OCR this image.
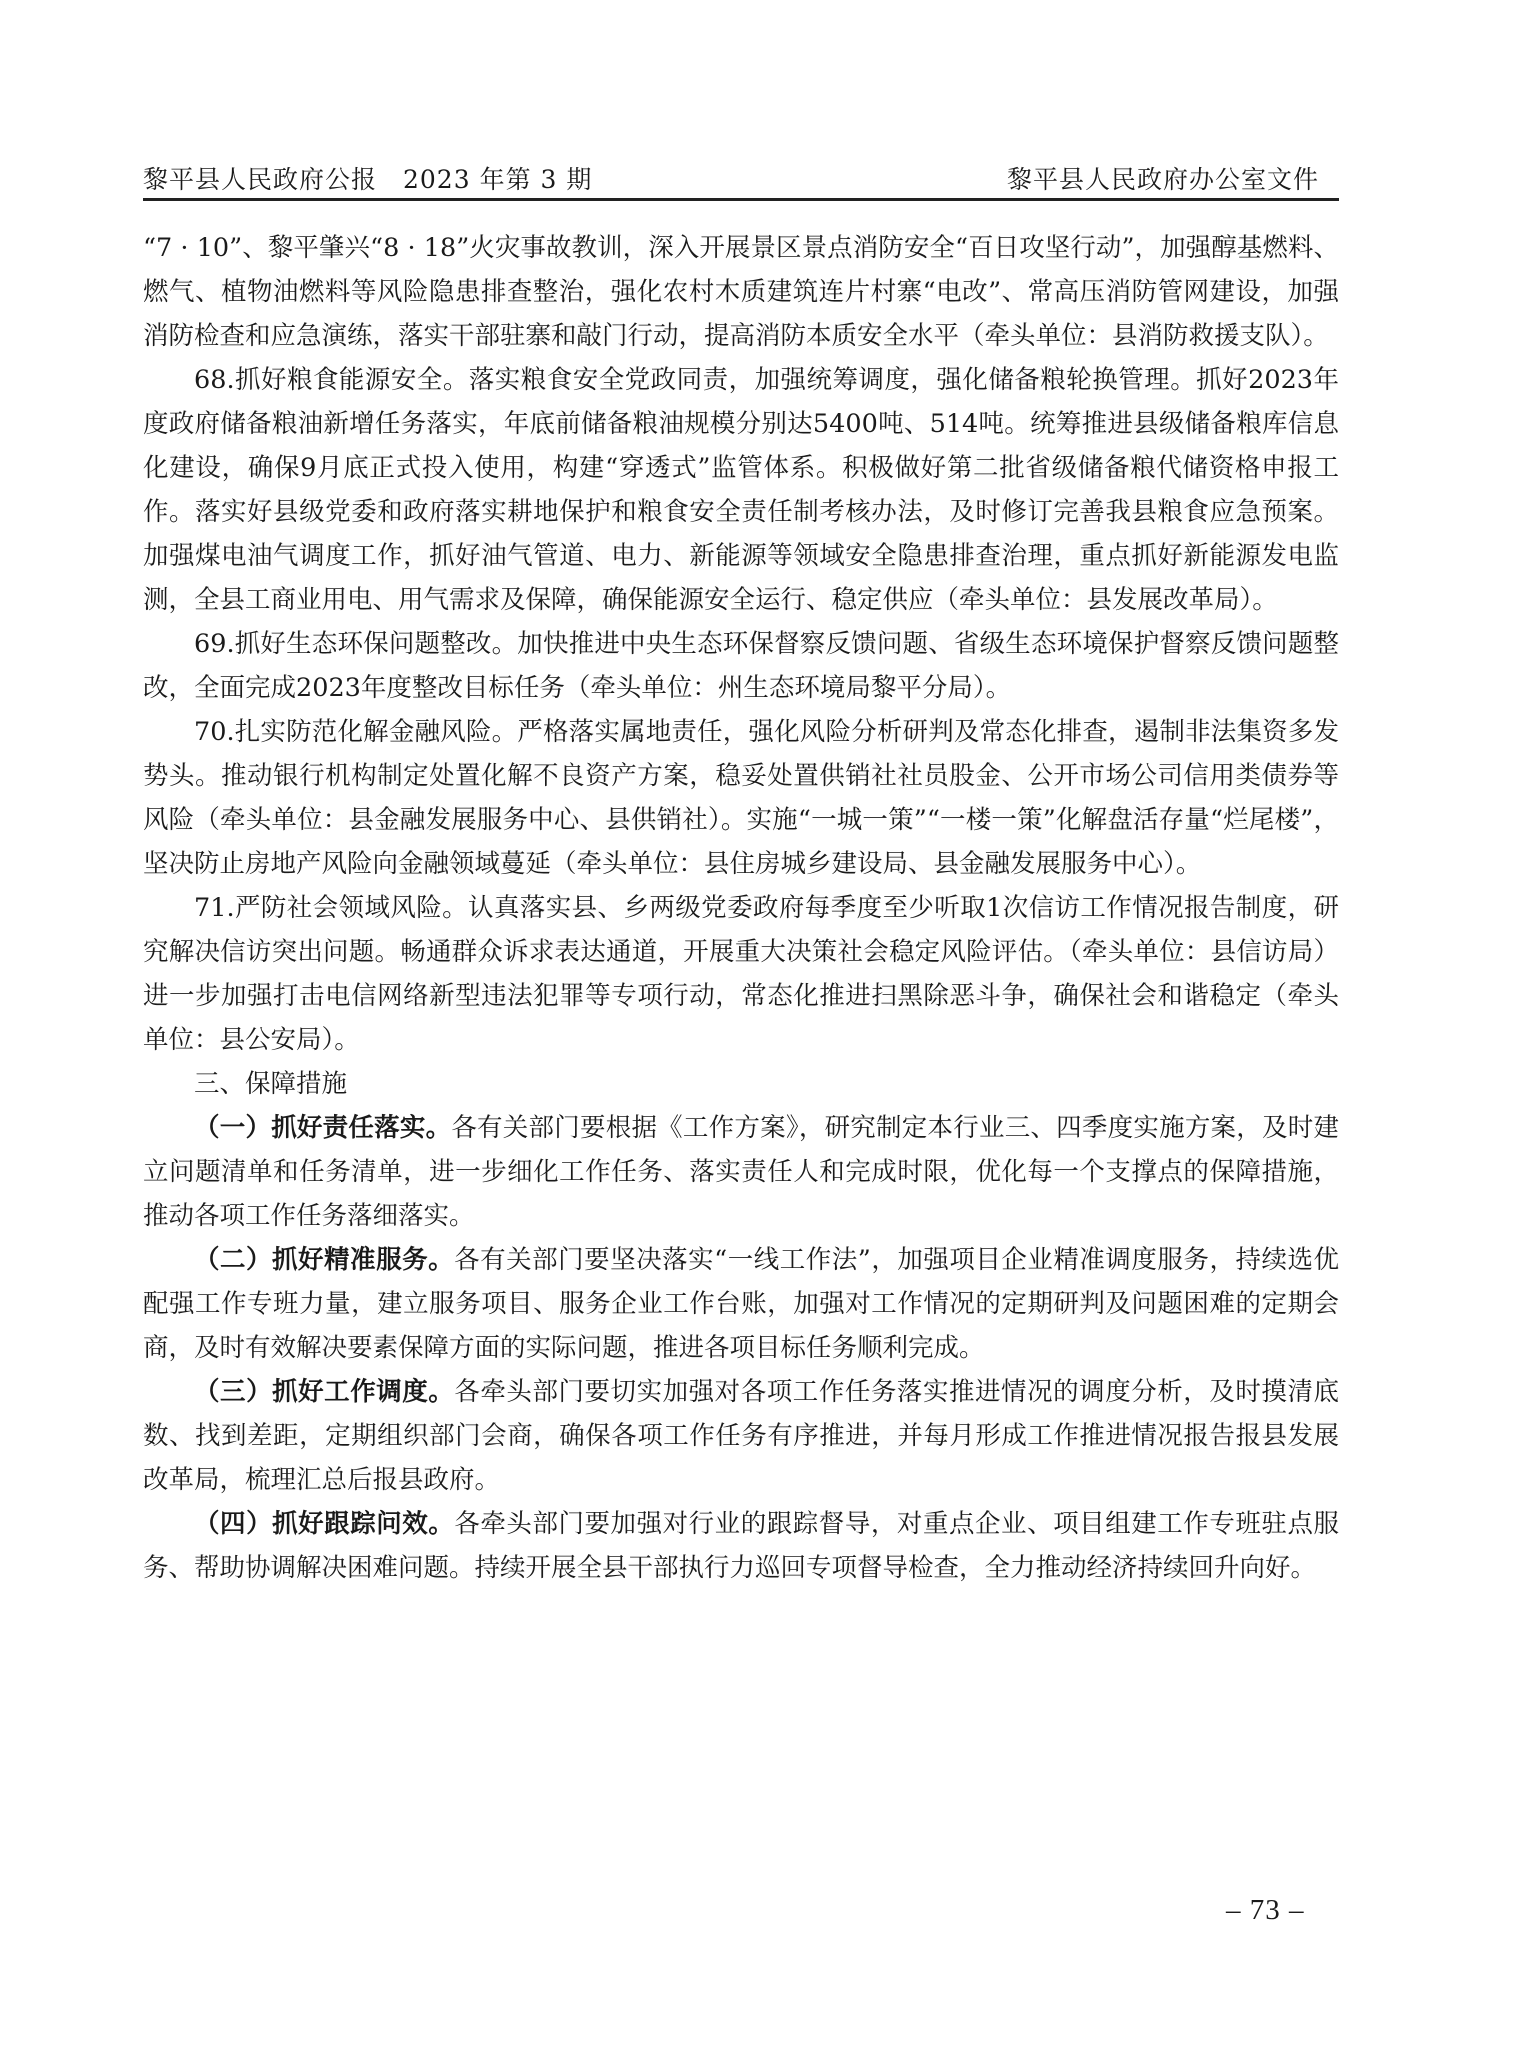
黎平县人民政府公报　2023 年第 3 期	黎平县人民政府办公室文件

“7 · 10”、黎平肇兴“8 · 18”火灾事故教训，深入开展景区景点消防安全“百日攻坚行动”，加强醇基燃料、燃气、植物油燃料等风险隐患排查整治，强化农村木质建筑连片村寨“电改”、常高压消防管网建设，加强消防检查和应急演练，落实干部驻寨和敲门行动，提高消防本质安全水平（牵头单位：县消防救援支队）。

68.抓好粮食能源安全。落实粮食安全党政同责，加强统筹调度，强化储备粮轮换管理。抓好2023年度政府储备粮油新增任务落实，年底前储备粮油规模分别达5400吨、514吨。统筹推进县级储备粮库信息化建设，确保9月底正式投入使用，构建“穿透式”监管体系。积极做好第二批省级储备粮代储资格申报工作。落实好县级党委和政府落实耕地保护和粮食安全责任制考核办法，及时修订完善我县粮食应急预案。加强煤电油气调度工作，抓好油气管道、电力、新能源等领域安全隐患排查治理，重点抓好新能源发电监测，全县工商业用电、用气需求及保障，确保能源安全运行、稳定供应（牵头单位：县发展改革局）。

69.抓好生态环保问题整改。加快推进中央生态环保督察反馈问题、省级生态环境保护督察反馈问题整改，全面完成2023年度整改目标任务（牵头单位：州生态环境局黎平分局）。

70.扎实防范化解金融风险。严格落实属地责任，强化风险分析研判及常态化排查，遏制非法集资多发势头。推动银行机构制定处置化解不良资产方案，稳妥处置供销社社员股金、公开市场公司信用类债券等风险（牵头单位：县金融发展服务中心、县供销社）。实施“一城一策”“一楼一策”化解盘活存量“烂尾楼”，坚决防止房地产风险向金融领域蔓延（牵头单位：县住房城乡建设局、县金融发展服务中心）。

71.严防社会领域风险。认真落实县、乡两级党委政府每季度至少听取1次信访工作情况报告制度，研究解决信访突出问题。畅通群众诉求表达通道，开展重大决策社会稳定风险评估。（牵头单位：县信访局）进一步加强打击电信网络新型违法犯罪等专项行动，常态化推进扫黑除恶斗争，确保社会和谐稳定（牵头单位：县公安局）。

三、保障措施

（一）抓好责任落实。各有关部门要根据《工作方案》，研究制定本行业三、四季度实施方案，及时建立问题清单和任务清单，进一步细化工作任务、落实责任人和完成时限，优化每一个支撑点的保障措施，推动各项工作任务落细落实。

（二）抓好精准服务。各有关部门要坚决落实“一线工作法”，加强项目企业精准调度服务，持续选优配强工作专班力量，建立服务项目、服务企业工作台账，加强对工作情况的定期研判及问题困难的定期会商，及时有效解决要素保障方面的实际问题，推进各项目标任务顺利完成。

（三）抓好工作调度。各牵头部门要切实加强对各项工作任务落实推进情况的调度分析，及时摸清底数、找到差距，定期组织部门会商，确保各项工作任务有序推进，并每月形成工作推进情况报告报县发展改革局，梳理汇总后报县政府。

（四）抓好跟踪问效。各牵头部门要加强对行业的跟踪督导，对重点企业、项目组建工作专班驻点服务、帮助协调解决困难问题。持续开展全县干部执行力巡回专项督导检查，全力推动经济持续回升向好。

– 73 –
